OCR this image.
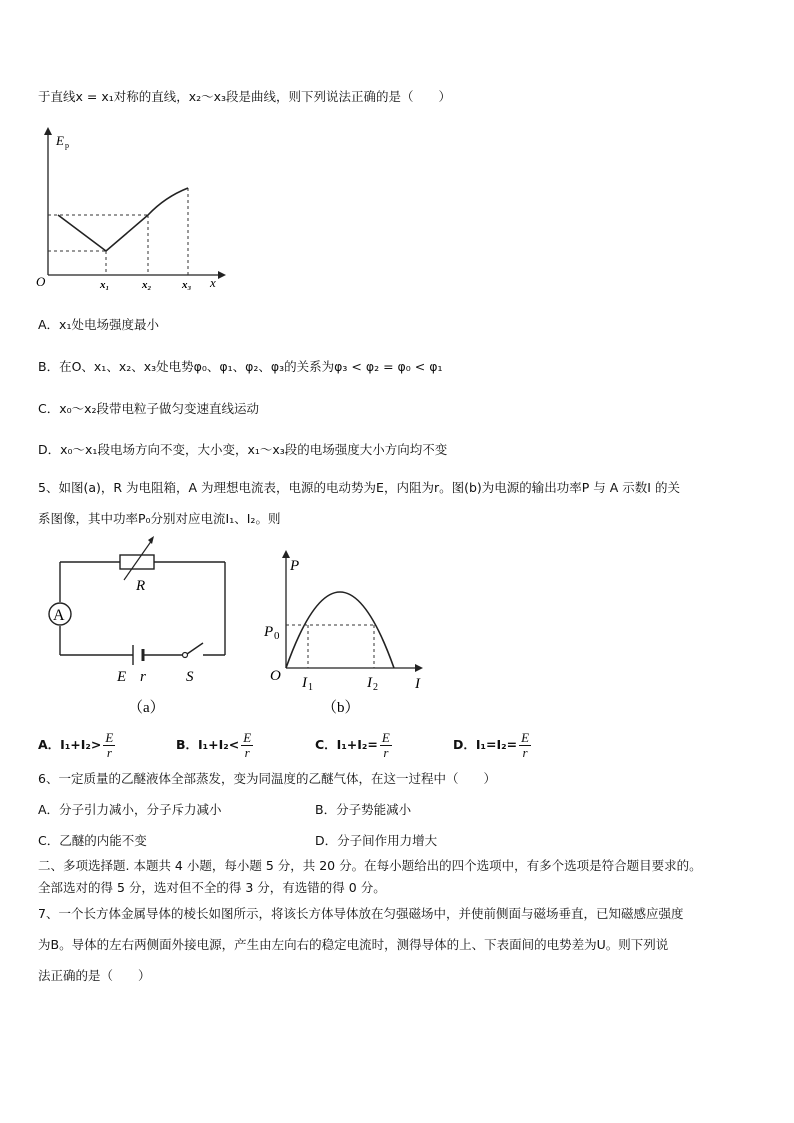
于直线x = x₁对称的直线，x₂～x₃段是曲线，则下列说法正确的是（　　）
E p
O	x
x₁	x₂	x₃
A．x₁处电场强度最小
B．在O、x₁、x₂、x₃处电势φ₀、φ₁、φ₂、φ₃的关系为φ₃ < φ₂ = φ₀ < φ₁
C．x₀～x₂段带电粒子做匀变速直线运动
D．x₀～x₁段电场方向不变，大小变，x₁～x₃段的电场强度大小方向均不变
5、如图(a)，R 为电阻箱，A 为理想电流表，电源的电动势为E，内阻为r。图(b)为电源的输出功率P 与 A 示数I 的关
系图像，其中功率P₀分别对应电流I₁、I₂。则
A
R
E r	S
（a）
P
P 0
O	I
I 1	I 2
（b）
A．$I_1+I_2> \frac{E}{r}$	B．$I_1+I_2< \frac{E}{r}$	C．$I_1+I_2= \frac{E}{r}$	D．$I_1=I_2= \frac{E}{r}$
6、一定质量的乙醚液体全部蒸发，变为同温度的乙醚气体，在这一过程中（　　）
A．分子引力减小，分子斥力减小	B．分子势能减小
C．乙醚的内能不变	D．分子间作用力增大
二、多项选择题. 本题共 4 小题，每小题 5 分，共 20 分。在每小题给出的四个选项中，有多个选项是符合题目要求的。
全部选对的得 5 分，选对但不全的得 3 分，有选错的得 0 分。
7、一个长方体金属导体的棱长如图所示，将该长方体导体放在匀强磁场中，并使前侧面与磁场垂直，已知磁感应强度
为B。导体的左右两侧面外接电源，产生由左向右的稳定电流时，测得导体的上、下表面间的电势差为U。则下列说
法正确的是（　　）
